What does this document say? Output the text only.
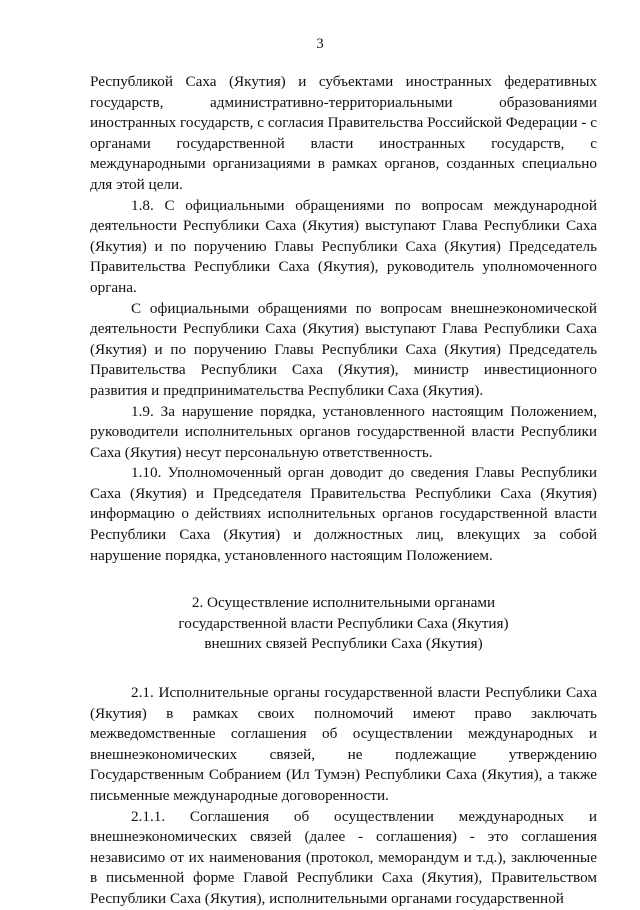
3

Республикой Саха (Якутия) и субъектами иностранных федеративных государств, административно-территориальными образованиями иностранных государств, с согласия Правительства Российской Федерации - с органами государственной власти иностранных государств, с международными организациями в рамках органов, созданных специально для этой цели.

1.8. С официальными обращениями по вопросам международной деятельности Республики Саха (Якутия) выступают Глава Республики Саха (Якутия) и по поручению Главы Республики Саха (Якутия) Председатель Правительства Республики Саха (Якутия), руководитель уполномоченного органа.

С официальными обращениями по вопросам внешнеэкономической деятельности Республики Саха (Якутия) выступают Глава Республики Саха (Якутия) и по поручению Главы Республики Саха (Якутия) Председатель Правительства Республики Саха (Якутия), министр инвестиционного развития и предпринимательства Республики Саха (Якутия).

1.9. За нарушение порядка, установленного настоящим Положением, руководители исполнительных органов государственной власти Республики Саха (Якутия) несут персональную ответственность.

1.10. Уполномоченный орган доводит до сведения Главы Республики Саха (Якутия) и Председателя Правительства Республики Саха (Якутия) информацию о действиях исполнительных органов государственной власти Республики Саха (Якутия) и должностных лиц, влекущих за собой нарушение порядка, установленного настоящим Положением.

2. Осуществление исполнительными органами
государственной власти Республики Саха (Якутия)
внешних связей Республики Саха (Якутия)

2.1. Исполнительные органы государственной власти Республики Саха (Якутия) в рамках своих полномочий имеют право заключать межведомственные соглашения об осуществлении международных и внешнеэкономических связей, не подлежащие утверждению Государственным Собранием (Ил Тумэн) Республики Саха (Якутия), а также письменные международные договоренности.

2.1.1. Соглашения об осуществлении международных и внешнеэкономических связей (далее - соглашения) - это соглашения независимо от их наименования (протокол, меморандум и т.д.), заключенные в письменной форме Главой Республики Саха (Якутия), Правительством Республики Саха (Якутия), исполнительными органами государственной
